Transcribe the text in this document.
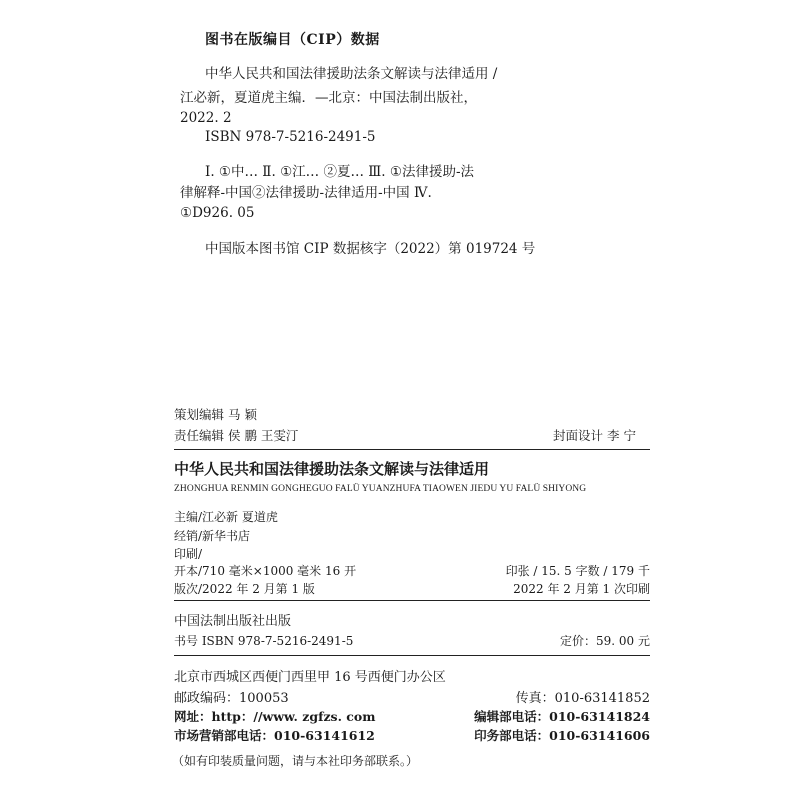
图书在版编目（CIP）数据
中华人民共和国法律援助法条文解读与法律适用 /
江必新，夏道虎主编．—北京：中国法制出版社，
2022. 2
ISBN 978-7-5216-2491-5
Ⅰ. ①中… Ⅱ. ①江… ②夏… Ⅲ. ①法律援助-法
律解释-中国②法律援助-法律适用-中国 Ⅳ.
①D926. 05
中国版本图书馆 CIP 数据核字（2022）第 019724 号
策划编辑 马 颖
责任编辑 侯 鹏 王雯汀	封面设计 李 宁
中华人民共和国法律援助法条文解读与法律适用
ZHONGHUA RENMIN GONGHEGUO FALÜ YUANZHUFA TIAOWEN JIEDU YU FALÜ SHIYONG
主编/江必新 夏道虎
经销/新华书店
印刷/
开本/710 毫米×1000 毫米 16 开	印张 / 15. 5 字数 / 179 千
版次/2022 年 2 月第 1 版	2022 年 2 月第 1 次印刷
中国法制出版社出版
书号 ISBN 978-7-5216-2491-5	定价：59. 00 元
北京市西城区西便门西里甲 16 号西便门办公区
邮政编码：100053	传真：010-63141852
网址：http：//www. zgfzs. com	编辑部电话：010-63141824
市场营销部电话：010-63141612	印务部电话：010-63141606
（如有印装质量问题，请与本社印务部联系。）
